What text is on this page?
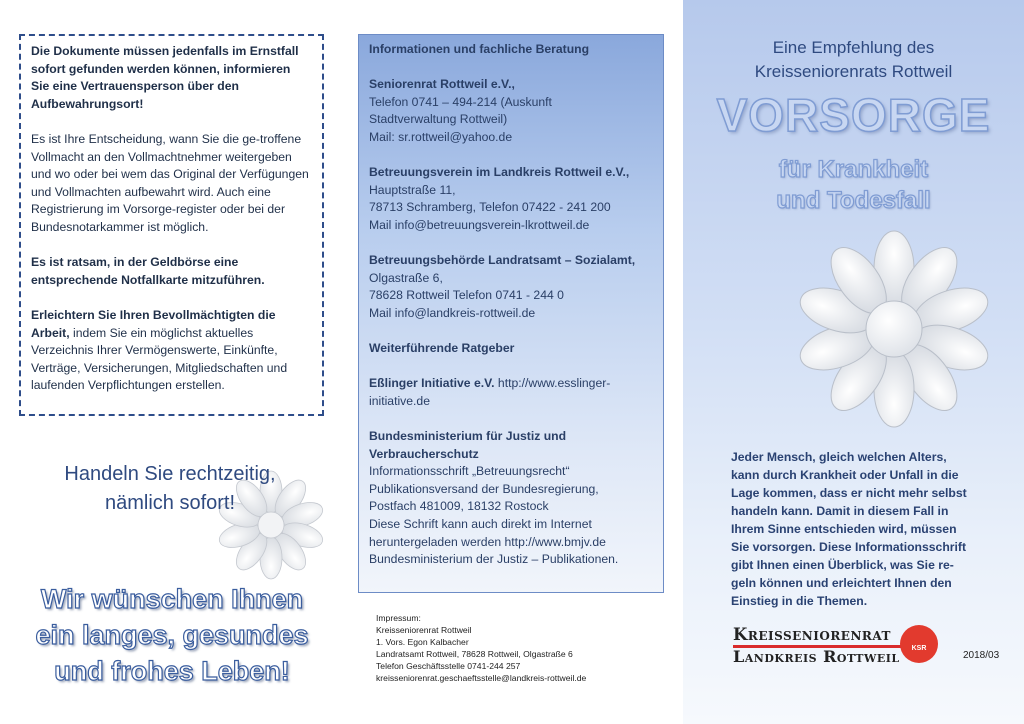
Die Dokumente müssen jedenfalls im Ernstfall sofort gefunden werden können, informieren Sie eine Vertrauensperson über den Aufbewahrungsort!

Es ist Ihre Entscheidung, wann Sie die ge-troffene Vollmacht an den Vollmachtnehmer weitergeben und wo oder bei wem das Original der Verfügungen und Vollmachten aufbewahrt wird. Auch eine Registrierung im Vorsorge-register oder bei der Bundesnotarkammer ist möglich.

Es ist ratsam, in der Geldbörse eine entsprechende Notfallkarte mitzuführen.

Erleichtern Sie Ihren Bevollmächtigten die Arbeit, indem Sie ein möglichst aktuelles Verzeichnis Ihrer Vermögenswerte, Einkünfte, Verträge, Versicherungen, Mitgliedschaften und laufenden Verpflichtungen erstellen.

Handeln Sie rechtzeitig,
nämlich sofort!
Wir wünschen Ihnen
ein langes, gesundes
und frohes Leben!

Informationen und fachliche Beratung

Seniorenrat Rottweil e.V.,
Telefon 0741 – 494-214 (Auskunft
Stadtverwaltung Rottweil)
Mail: sr.rottweil@yahoo.de

Betreuungsverein im Landkreis Rottweil e.V.,
Hauptstraße 11,
78713 Schramberg, Telefon 07422 - 241 200
Mail info@betreuungsverein-lkrottweil.de

Betreuungsbehörde Landratsamt – Sozialamt,
Olgastraße 6,
78628 Rottweil Telefon 0741 - 244 0
Mail info@landkreis-rottweil.de

Weiterführende Ratgeber

Eßlinger Initiative e.V. http://www.esslinger-initiative.de

Bundesministerium für Justiz und
Verbraucherschutz
Informationsschrift „Betreuungsrecht“
Publikationsversand der Bundesregierung,
Postfach 481009, 18132 Rostock
Diese Schrift kann auch direkt im Internet
heruntergeladen werden http://www.bmjv.de
Bundesministerium der Justiz – Publikationen.

Impressum:
Kreisseniorenrat Rottweil
1. Vors. Egon Kalbacher
Landratsamt Rottweil, 78628 Rottweil, Olgastraße 6
Telefon Geschäftsstelle 0741-244 257
kreisseniorenrat.geschaeftsstelle@landkreis-rottweil.de
Eine Empfehlung des
Kreisseniorenrats Rottweil
VORSORGE
für Krankheit
und Todesfall
Jeder Mensch, gleich welchen Alters, kann durch Krankheit oder Unfall in die Lage kommen, dass er nicht mehr selbst handeln kann. Damit in diesem Fall in Ihrem Sinne entschieden wird, müssen Sie vorsorgen. Diese Informationsschrift gibt Ihnen einen Überblick, was Sie re-geln können und erleichtert Ihnen den Einstieg in die Themen.
Kreisseniorenrat
Landkreis Rottweil	KSR
2018/03
